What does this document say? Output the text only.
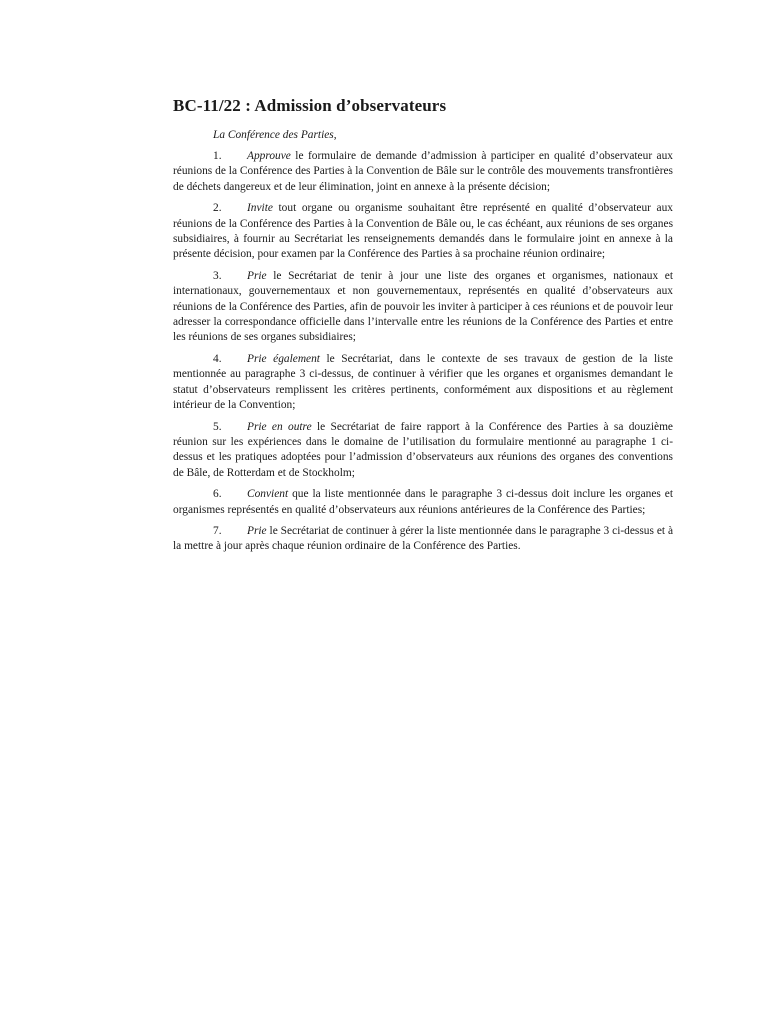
BC-11/22 : Admission d’observateurs

La Conférence des Parties,

1. Approuve le formulaire de demande d’admission à participer en qualité d’observateur aux réunions de la Conférence des Parties à la Convention de Bâle sur le contrôle des mouvements transfrontières de déchets dangereux et de leur élimination, joint en annexe à la présente décision;

2. Invite tout organe ou organisme souhaitant être représenté en qualité d’observateur aux réunions de la Conférence des Parties à la Convention de Bâle ou, le cas échéant, aux réunions de ses organes subsidiaires, à fournir au Secrétariat les renseignements demandés dans le formulaire joint en annexe à la présente décision, pour examen par la Conférence des Parties à sa prochaine réunion ordinaire;

3. Prie le Secrétariat de tenir à jour une liste des organes et organismes, nationaux et internationaux, gouvernementaux et non gouvernementaux, représentés en qualité d’observateurs aux réunions de la Conférence des Parties, afin de pouvoir les inviter à participer à ces réunions et de pouvoir leur adresser la correspondance officielle dans l’intervalle entre les réunions de la Conférence des Parties et entre les réunions de ses organes subsidiaires;

4. Prie également le Secrétariat, dans le contexte de ses travaux de gestion de la liste mentionnée au paragraphe 3 ci-dessus, de continuer à vérifier que les organes et organismes demandant le statut d’observateurs remplissent les critères pertinents, conformément aux dispositions et au règlement intérieur de la Convention;

5. Prie en outre le Secrétariat de faire rapport à la Conférence des Parties à sa douzième réunion sur les expériences dans le domaine de l’utilisation du formulaire mentionné au paragraphe 1 ci-dessus et les pratiques adoptées pour l’admission d’observateurs aux réunions des organes des conventions de Bâle, de Rotterdam et de Stockholm;

6. Convient que la liste mentionnée dans le paragraphe 3 ci-dessus doit inclure les organes et organismes représentés en qualité d’observateurs aux réunions antérieures de la Conférence des Parties;

7. Prie le Secrétariat de continuer à gérer la liste mentionnée dans le paragraphe 3 ci-dessus et à la mettre à jour après chaque réunion ordinaire de la Conférence des Parties.
